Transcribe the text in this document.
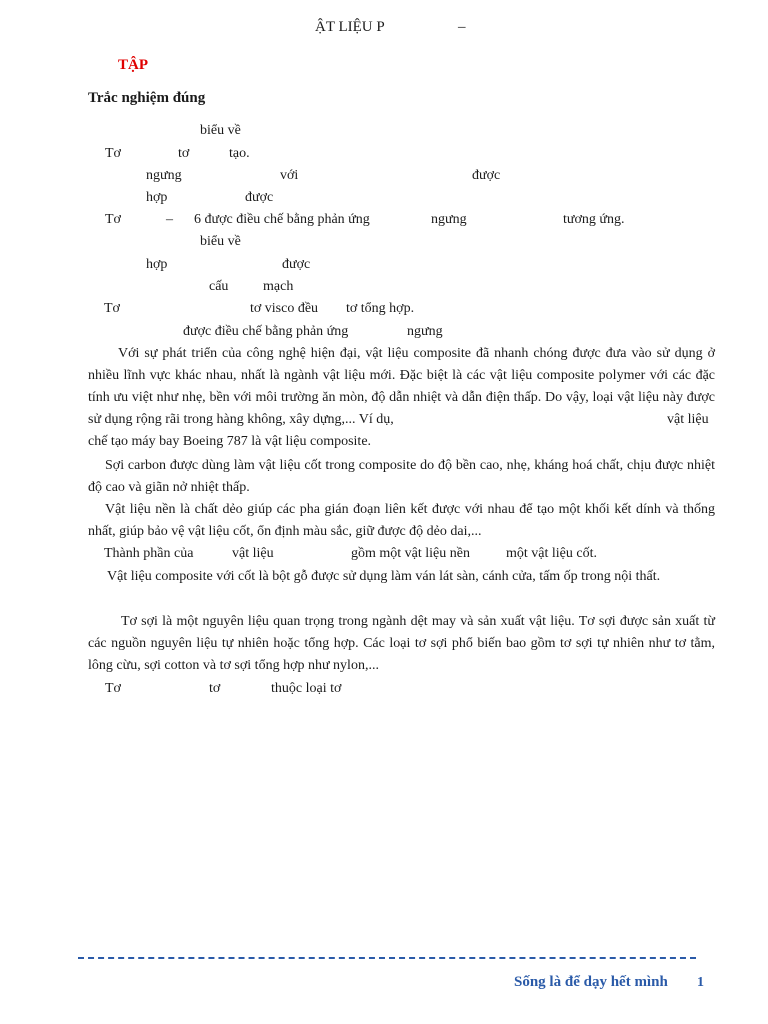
ẬT LIỆU P	–
TẬP
Trắc nghiệm đúng
biểu về
Tơ	tơ	tạo.
ngưng	với	được
hợp	được
Tơ	– 6 được điều chế bằng phản ứng	ngưng	tương ứng.
biểu về
hợp	được
cấu mạch
Tơ	tơ visco đều tơ tổng hợp.
được điều chế bằng phản ứng	ngưng
Với sự phát triển của công nghệ hiện đại, vật liệu composite đã nhanh chóng được đưa vào sử dụng ở nhiều lĩnh vực khác nhau, nhất là ngành vật liệu mới. Đặc biệt là các vật liệu composite polymer với các đặc tính ưu việt như nhẹ, bền với môi trường ăn mòn, độ dẫn nhiệt và dẫn điện thấp. Do vậy, loại vật liệu này được sử dụng rộng rãi trong hàng không, xây dựng,... Ví dụ,	vật liệu
chế tạo máy bay Boeing 787 là vật liệu composite.
Sợi carbon được dùng làm vật liệu cốt trong composite do độ bền cao, nhẹ, kháng hoá chất, chịu được nhiệt độ cao và giãn nở nhiệt thấp.
Vật liệu nền là chất dẻo giúp các pha gián đoạn liên kết được với nhau để tạo một khối kết dính và thống nhất, giúp bảo vệ vật liệu cốt, ổn định màu sắc, giữ được độ dẻo dai,...
Thành phần của	vật liệu	gồm một vật liệu nền	một vật liệu cốt.
Vật liệu composite với cốt là bột gỗ được sử dụng làm ván lát sàn, cánh cửa, tấm ốp trong nội thất.
Tơ sợi là một nguyên liệu quan trọng trong ngành dệt may và sản xuất vật liệu. Tơ sợi được sản xuất từ các nguồn nguyên liệu tự nhiên hoặc tổng hợp. Các loại tơ sợi phổ biến bao gồm tơ sợi tự nhiên như tơ tằm, lông cừu, sợi cotton và tơ sợi tổng hợp như nylon,...
Tơ	tơ	thuộc loại tơ
Sống là để dạy hết mình 1
